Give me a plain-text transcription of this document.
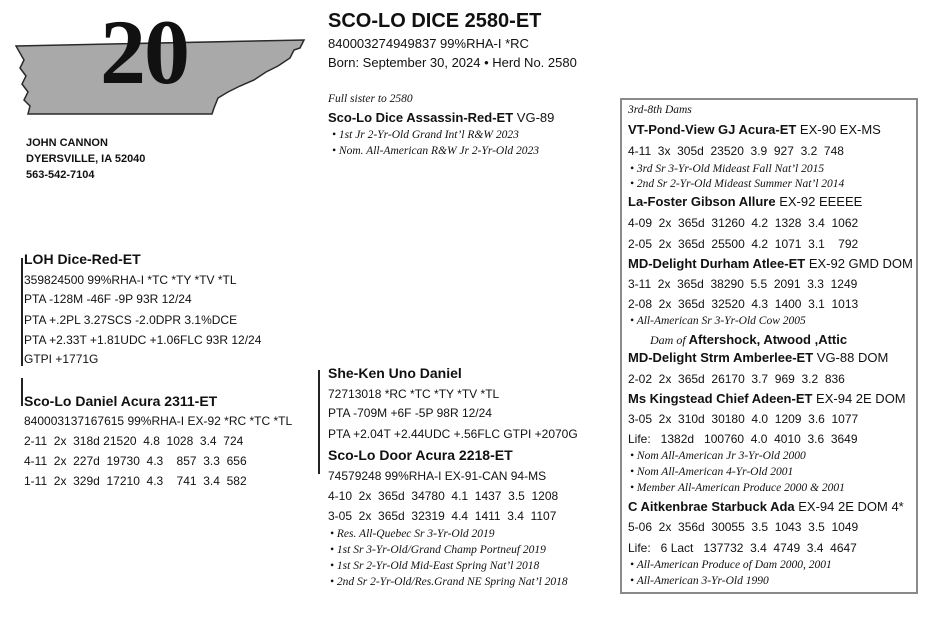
20	SCO-LO DICE 2580-ET
840003274949837 99%RHA-I *RC
Born: September 30, 2024 • Herd No. 2580
JOHN CANNON
DYERSVILLE, IA 52040
563-542-7104
Full sister to 2580
Sco-Lo Dice Assassin-Red-ET VG-89
• 1st Jr 2-Yr-Old Grand Int’l R&W 2023
• Nom. All-American R&W Jr 2-Yr-Old 2023
LOH Dice-Red-ET
359824500 99%RHA-I *TC *TY *TV *TL
PTA -128M -46F -9P 93R 12/24
PTA +.2PL 3.27SCS -2.0DPR 3.1%DCE
PTA +2.33T +1.81UDC +1.06FLC 93R 12/24
GTPI +1771G
Sco-Lo Daniel Acura 2311-ET
840003137167615 99%RHA-I EX-92 *RC *TC *TL
2-11  2x  318d 21520  4.8  1028  3.4  724
4-11  2x  227d  19730  4.3    857  3.3  656
1-11  2x  329d  17210  4.3    741  3.4  582
She-Ken Uno Daniel
72713018 *RC *TC *TY *TV *TL
PTA -709M +6F -5P 98R 12/24
PTA +2.04T +2.44UDC +.56FLC GTPI +2070G
Sco-Lo Door Acura 2218-ET
74579248 99%RHA-I EX-91-CAN 94-MS
4-10  2x  365d  34780  4.1  1437  3.5  1208
3-05  2x  365d  32319  4.4  1411  3.4  1107
• Res. All-Quebec Sr 3-Yr-Old 2019
• 1st Sr 3-Yr-Old/Grand Champ Portneuf 2019
• 1st Sr 2-Yr-Old Mid-East Spring Nat’l 2018
• 2nd Sr 2-Yr-Old/Res.Grand NE Spring Nat’l 2018
3rd-8th Dams
VT-Pond-View GJ Acura-ET EX-90 EX-MS
4-11  3x  305d  23520  3.9  927  3.2  748
• 3rd Sr 3-Yr-Old Mideast Fall Nat’l 2015
• 2nd Sr 2-Yr-Old Mideast Summer Nat’l 2014
La-Foster Gibson Allure EX-92 EEEEE
4-09  2x  365d  31260  4.2  1328  3.4  1062
2-05  2x  365d  25500  4.2  1071  3.1    792
MD-Delight Durham Atlee-ET EX-92 GMD DOM
3-11  2x  365d  38290  5.5  2091  3.3  1249
2-08  2x  365d  32520  4.3  1400  3.1  1013
• All-American Sr 3-Yr-Old Cow 2005
Dam of Aftershock, Atwood ,Attic
MD-Delight Strm Amberlee-ET VG-88 DOM
2-02  2x  365d  26170  3.7  969  3.2  836
Ms Kingstead Chief Adeen-ET EX-94 2E DOM
3-05  2x  310d  30180  4.0  1209  3.6  1077
Life:   1382d   100760  4.0  4010  3.6  3649
• Nom All-American Jr 3-Yr-Old 2000
• Nom All-American 4-Yr-Old 2001
• Member All-American Produce 2000 & 2001
C Aitkenbrae Starbuck Ada EX-94 2E DOM 4*
5-06  2x  356d  30055  3.5  1043  3.5  1049
Life:   6 Lact   137732  3.4  4749  3.4  4647
• All-American Produce of Dam 2000, 2001
• All-American 3-Yr-Old 1990
